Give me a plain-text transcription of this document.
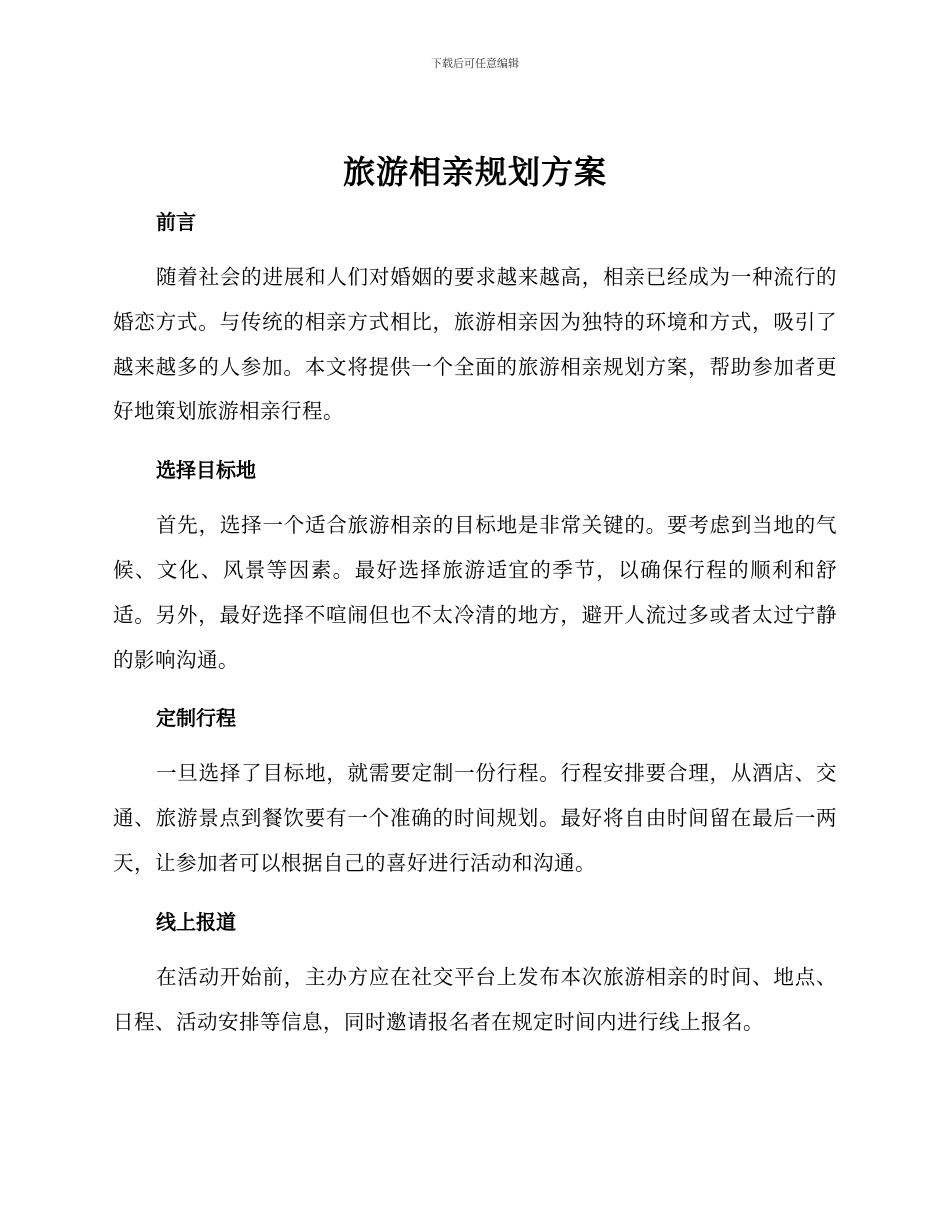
下载后可任意编辑
旅游相亲规划方案
前言

随着社会的进展和人们对婚姻的要求越来越高，相亲已经成为一种流行的婚恋方式。与传统的相亲方式相比，旅游相亲因为独特的环境和方式，吸引了越来越多的人参加。本文将提供一个全面的旅游相亲规划方案，帮助参加者更好地策划旅游相亲行程。

选择目标地

首先，选择一个适合旅游相亲的目标地是非常关键的。要考虑到当地的气候、文化、风景等因素。最好选择旅游适宜的季节，以确保行程的顺利和舒适。另外，最好选择不喧闹但也不太冷清的地方，避开人流过多或者太过宁静的影响沟通。

定制行程

一旦选择了目标地，就需要定制一份行程。行程安排要合理，从酒店、交通、旅游景点到餐饮要有一个准确的时间规划。最好将自由时间留在最后一两天，让参加者可以根据自己的喜好进行活动和沟通。

线上报道

在活动开始前，主办方应在社交平台上发布本次旅游相亲的时间、地点、日程、活动安排等信息，同时邀请报名者在规定时间内进行线上报名。
